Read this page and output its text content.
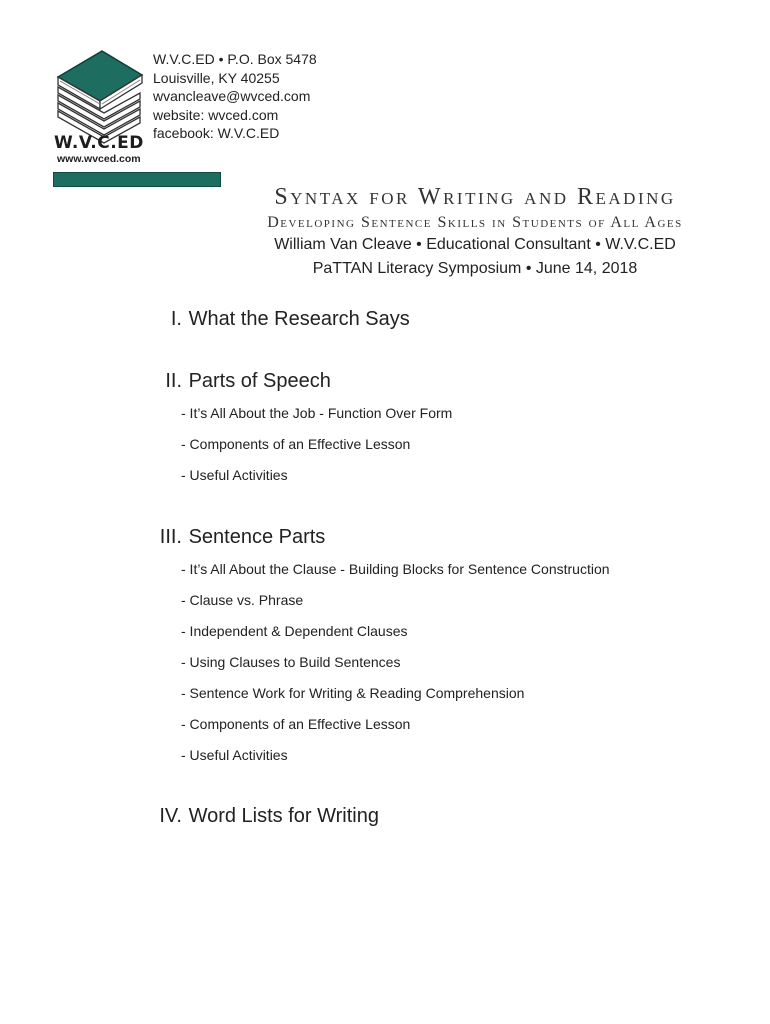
W.V.C.ED
www.wvced.com
W.V.C.ED • P.O. Box 5478
Louisville, KY 40255
wvancleave@wvced.com
website: wvced.com
facebook: W.V.C.ED
Syntax for Writing and Reading
Developing Sentence Skills in Students of All Ages
William Van Cleave • Educational Consultant • W.V.C.ED
PaTTAN Literacy Symposium • June 14, 2018
I. What the Research Says
II. Parts of Speech
- It’s All About the Job - Function Over Form
- Components of an Effective Lesson
- Useful Activities
III. Sentence Parts
- It’s All About the Clause - Building Blocks for Sentence Construction
- Clause vs. Phrase
- Independent & Dependent Clauses
- Using Clauses to Build Sentences
- Sentence Work for Writing & Reading Comprehension
- Components of an Effective Lesson
- Useful Activities
IV. Word Lists for Writing
